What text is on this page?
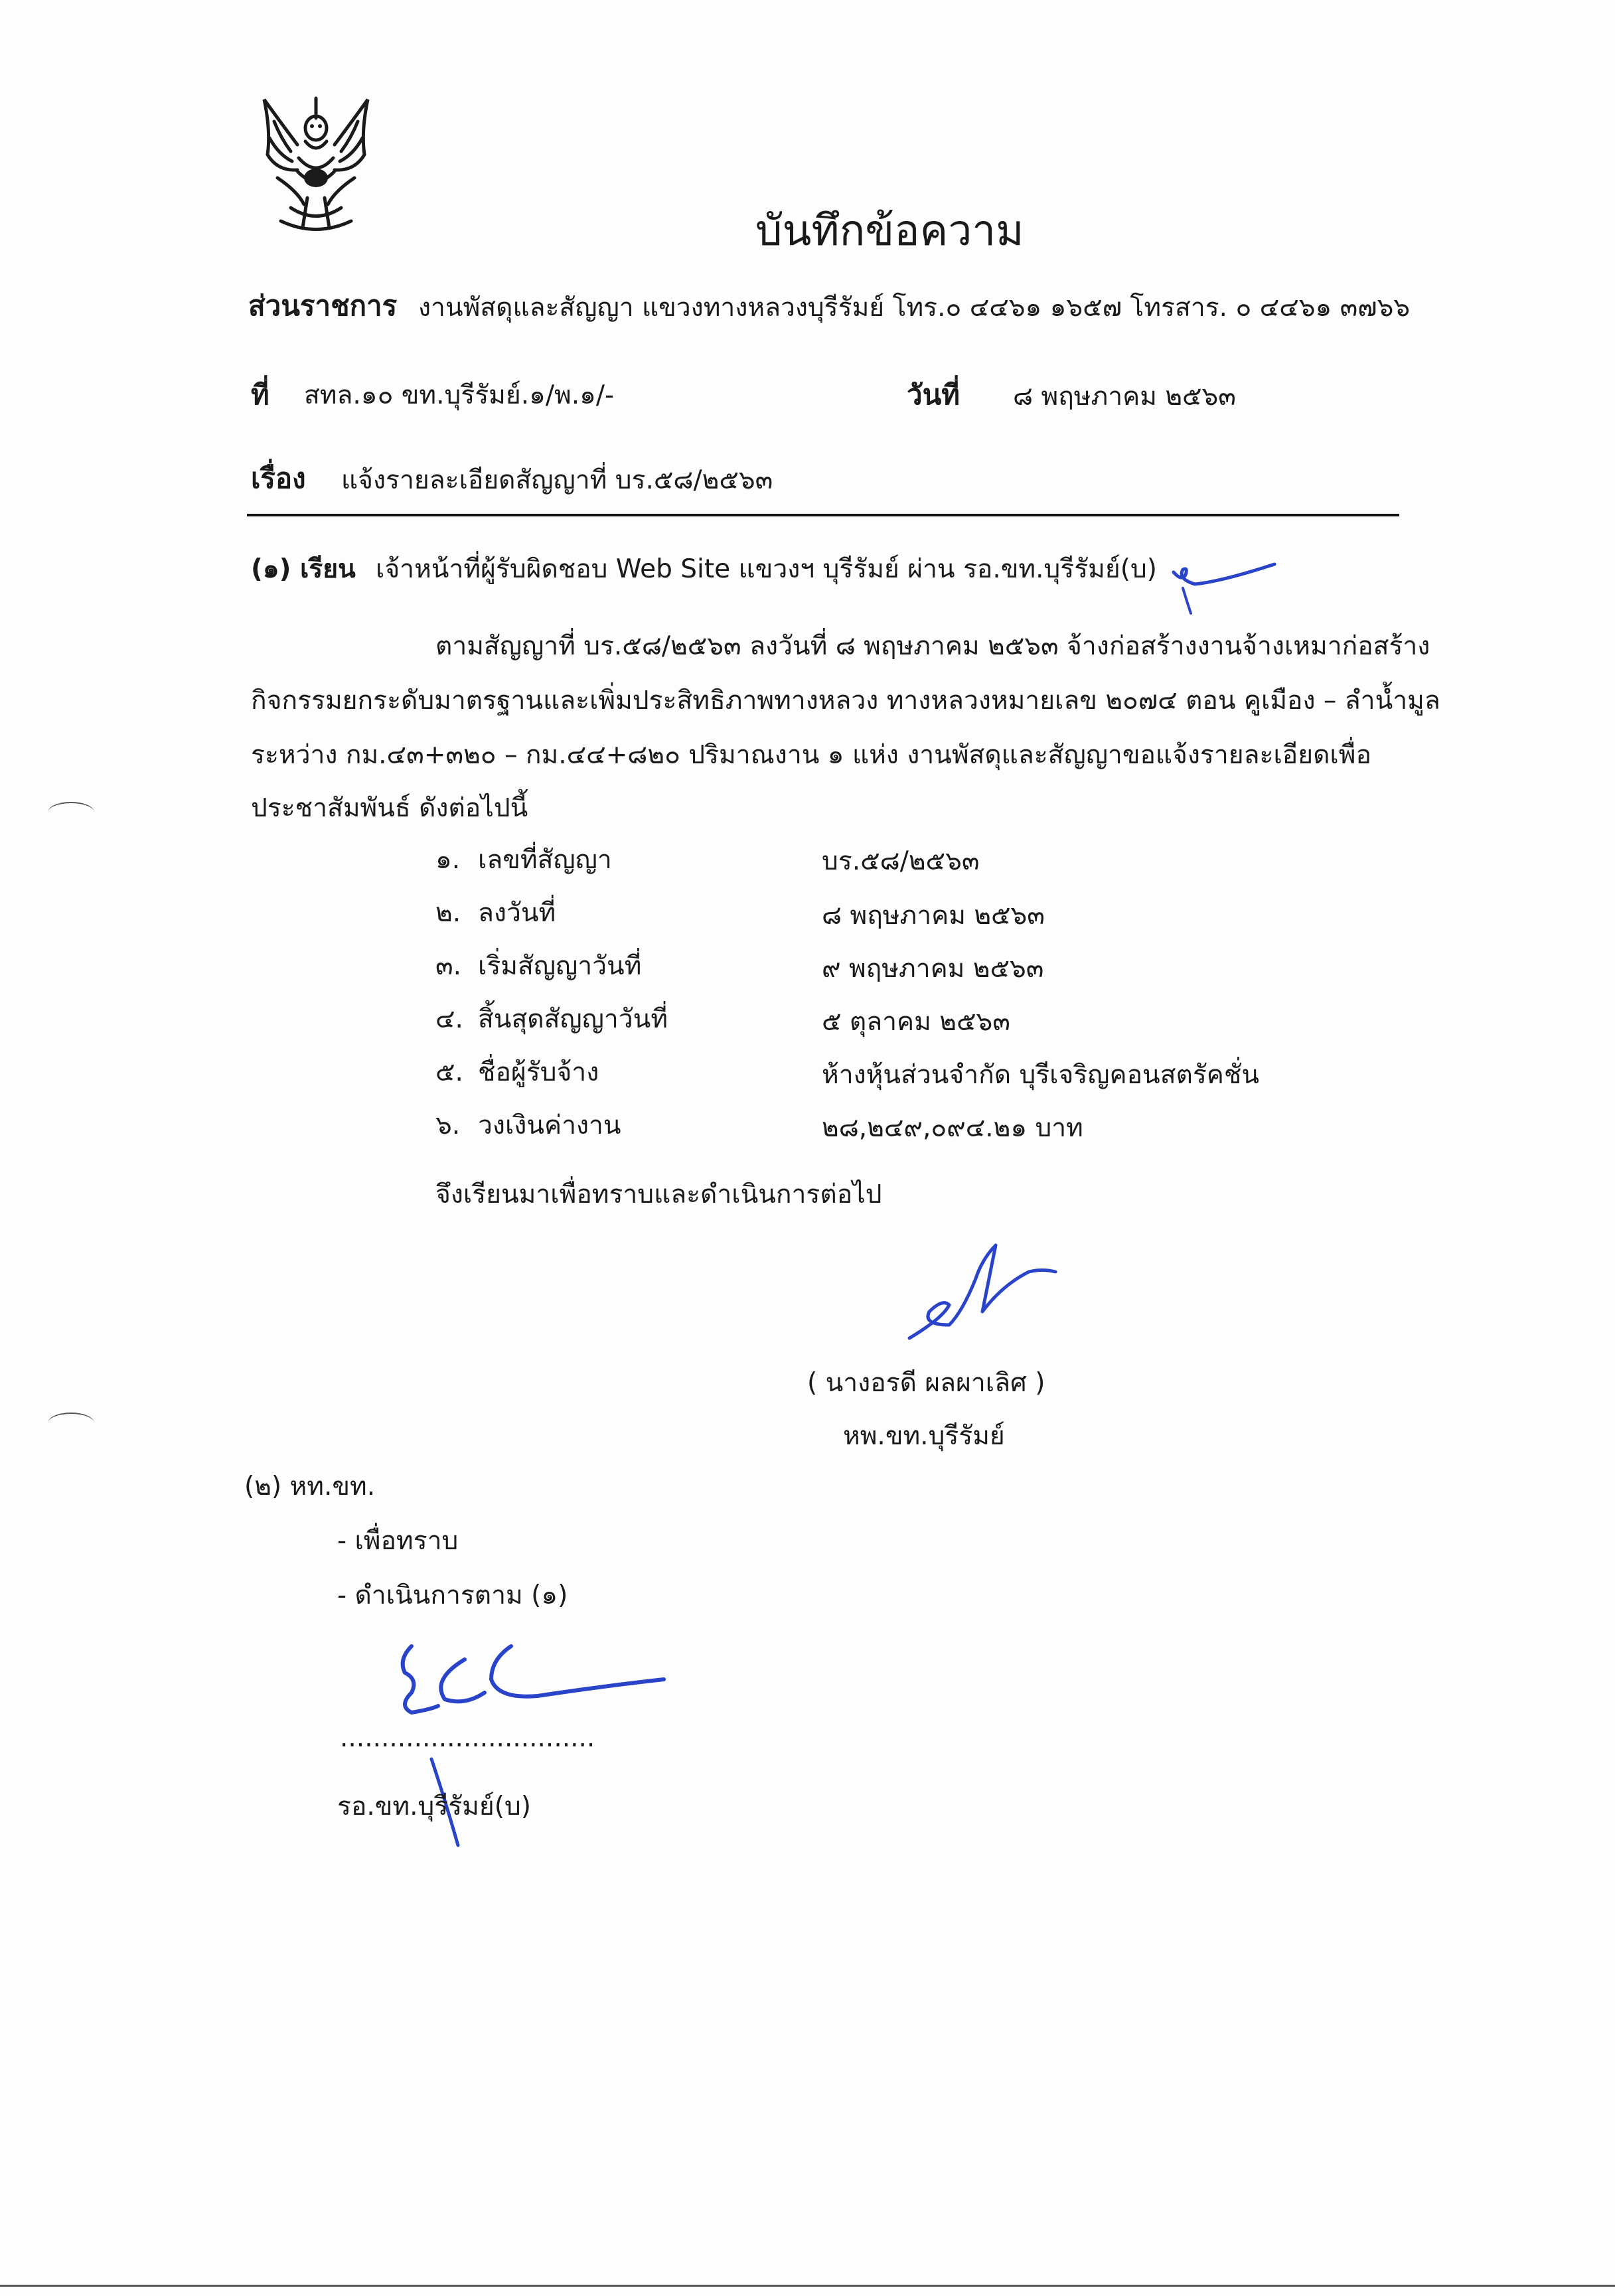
บันทึกข้อความ
ส่วนราชการ งานพัสดุและสัญญา แขวงทางหลวงบุรีรัมย์ โทร.๐ ๔๔๖๑ ๑๖๕๗ โทรสาร. ๐ ๔๔๖๑ ๓๗๖๖
ที่ สทล.๑๐ ขท.บุรีรัมย์.๑/พ.๑/-	วันที่ ๘ พฤษภาคม ๒๕๖๓
เรื่อง แจ้งรายละเอียดสัญญาที่ บร.๕๘/๒๕๖๓
(๑) เรียน เจ้าหน้าที่ผู้รับผิดชอบ Web Site แขวงฯ บุรีรัมย์ ผ่าน รอ.ขท.บุรีรัมย์(บ)
ตามสัญญาที่ บร.๕๘/๒๕๖๓ ลงวันที่ ๘ พฤษภาคม ๒๕๖๓ จ้างก่อสร้างงานจ้างเหมาก่อสร้าง
กิจกรรมยกระดับมาตรฐานและเพิ่มประสิทธิภาพทางหลวง ทางหลวงหมายเลข ๒๐๗๔ ตอน คูเมือง – ลำน้ำมูล
ระหว่าง กม.๔๓+๓๒๐ – กม.๔๔+๘๒๐ ปริมาณงาน ๑ แห่ง งานพัสดุและสัญญาขอแจ้งรายละเอียดเพื่อ
ประชาสัมพันธ์ ดังต่อไปนี้
๑. เลขที่สัญญา	บร.๕๘/๒๕๖๓
๒. ลงวันที่	๘ พฤษภาคม ๒๕๖๓
๓. เริ่มสัญญาวันที่	๙ พฤษภาคม ๒๕๖๓
๔. สิ้นสุดสัญญาวันที่	๕ ตุลาคม ๒๕๖๓
๕. ชื่อผู้รับจ้าง	ห้างหุ้นส่วนจำกัด บุรีเจริญคอนสตรัคชั่น
๖. วงเงินค่างาน	๒๘,๒๔๙,๐๙๔.๒๑ บาท
จึงเรียนมาเพื่อทราบและดำเนินการต่อไป
( นางอรดี ผลผาเลิศ )
หพ.ขท.บุรีรัมย์
(๒) หท.ขท.
- เพื่อทราบ
- ดำเนินการตาม (๑)
...............................
รอ.ขท.บุรีรัมย์(บ)
